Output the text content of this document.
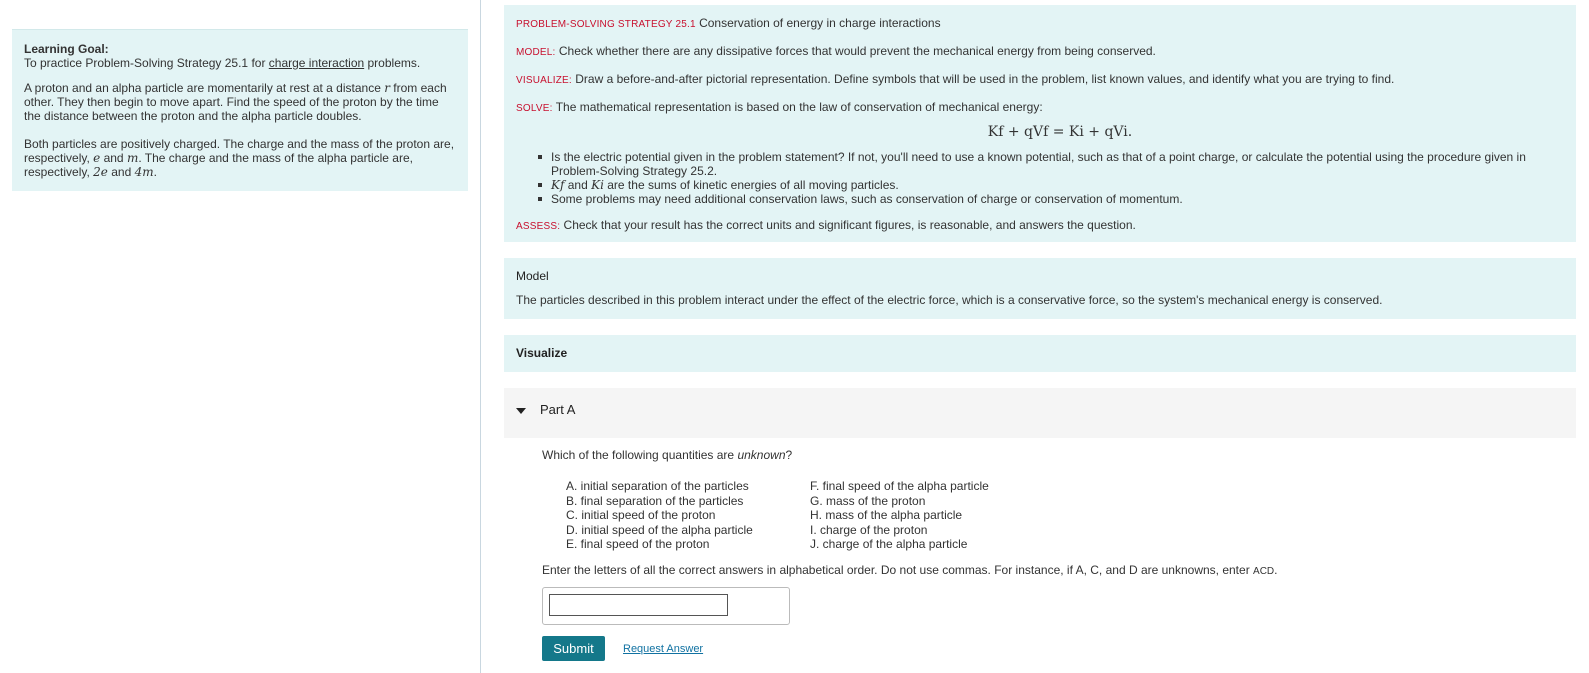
Learning Goal:
To practice Problem-Solving Strategy 25.1 for charge interaction problems.

A proton and an alpha particle are momentarily at rest at a distance r from each other. They then begin to move apart. Find the speed of the proton by the time the distance between the proton and the alpha particle doubles.

Both particles are positively charged. The charge and the mass of the proton are, respectively, e and m. The charge and the mass of the alpha particle are, respectively, 2e and 4m.

PROBLEM-SOLVING STRATEGY 25.1 Conservation of energy in charge interactions
MODEL: Check whether there are any dissipative forces that would prevent the mechanical energy from being conserved.
VISUALIZE: Draw a before-and-after pictorial representation. Define symbols that will be used in the problem, list known values, and identify what you are trying to find.
SOLVE: The mathematical representation is based on the law of conservation of mechanical energy:
Kf + qVf = Ki + qVi.
Is the electric potential given in the problem statement? If not, you'll need to use a known potential, such as that of a point charge, or calculate the potential using the procedure given in Problem-Solving Strategy 25.2.
Kf and Ki are the sums of kinetic energies of all moving particles.
Some problems may need additional conservation laws, such as conservation of charge or conservation of momentum.
ASSESS: Check that your result has the correct units and significant figures, is reasonable, and answers the question.
Model
The particles described in this problem interact under the effect of the electric force, which is a conservative force, so the system's mechanical energy is conserved.
Visualize
Part A
Which of the following quantities are unknown?
A. initial separation of the particles
B. final separation of the particles
C. initial speed of the proton
D. initial speed of the alpha particle
E. final speed of the proton
F. final speed of the alpha particle
G. mass of the proton
H. mass of the alpha particle
I. charge of the proton
J. charge of the alpha particle
Enter the letters of all the correct answers in alphabetical order. Do not use commas. For instance, if A, C, and D are unknowns, enter ACD.
Submit	Request Answer
